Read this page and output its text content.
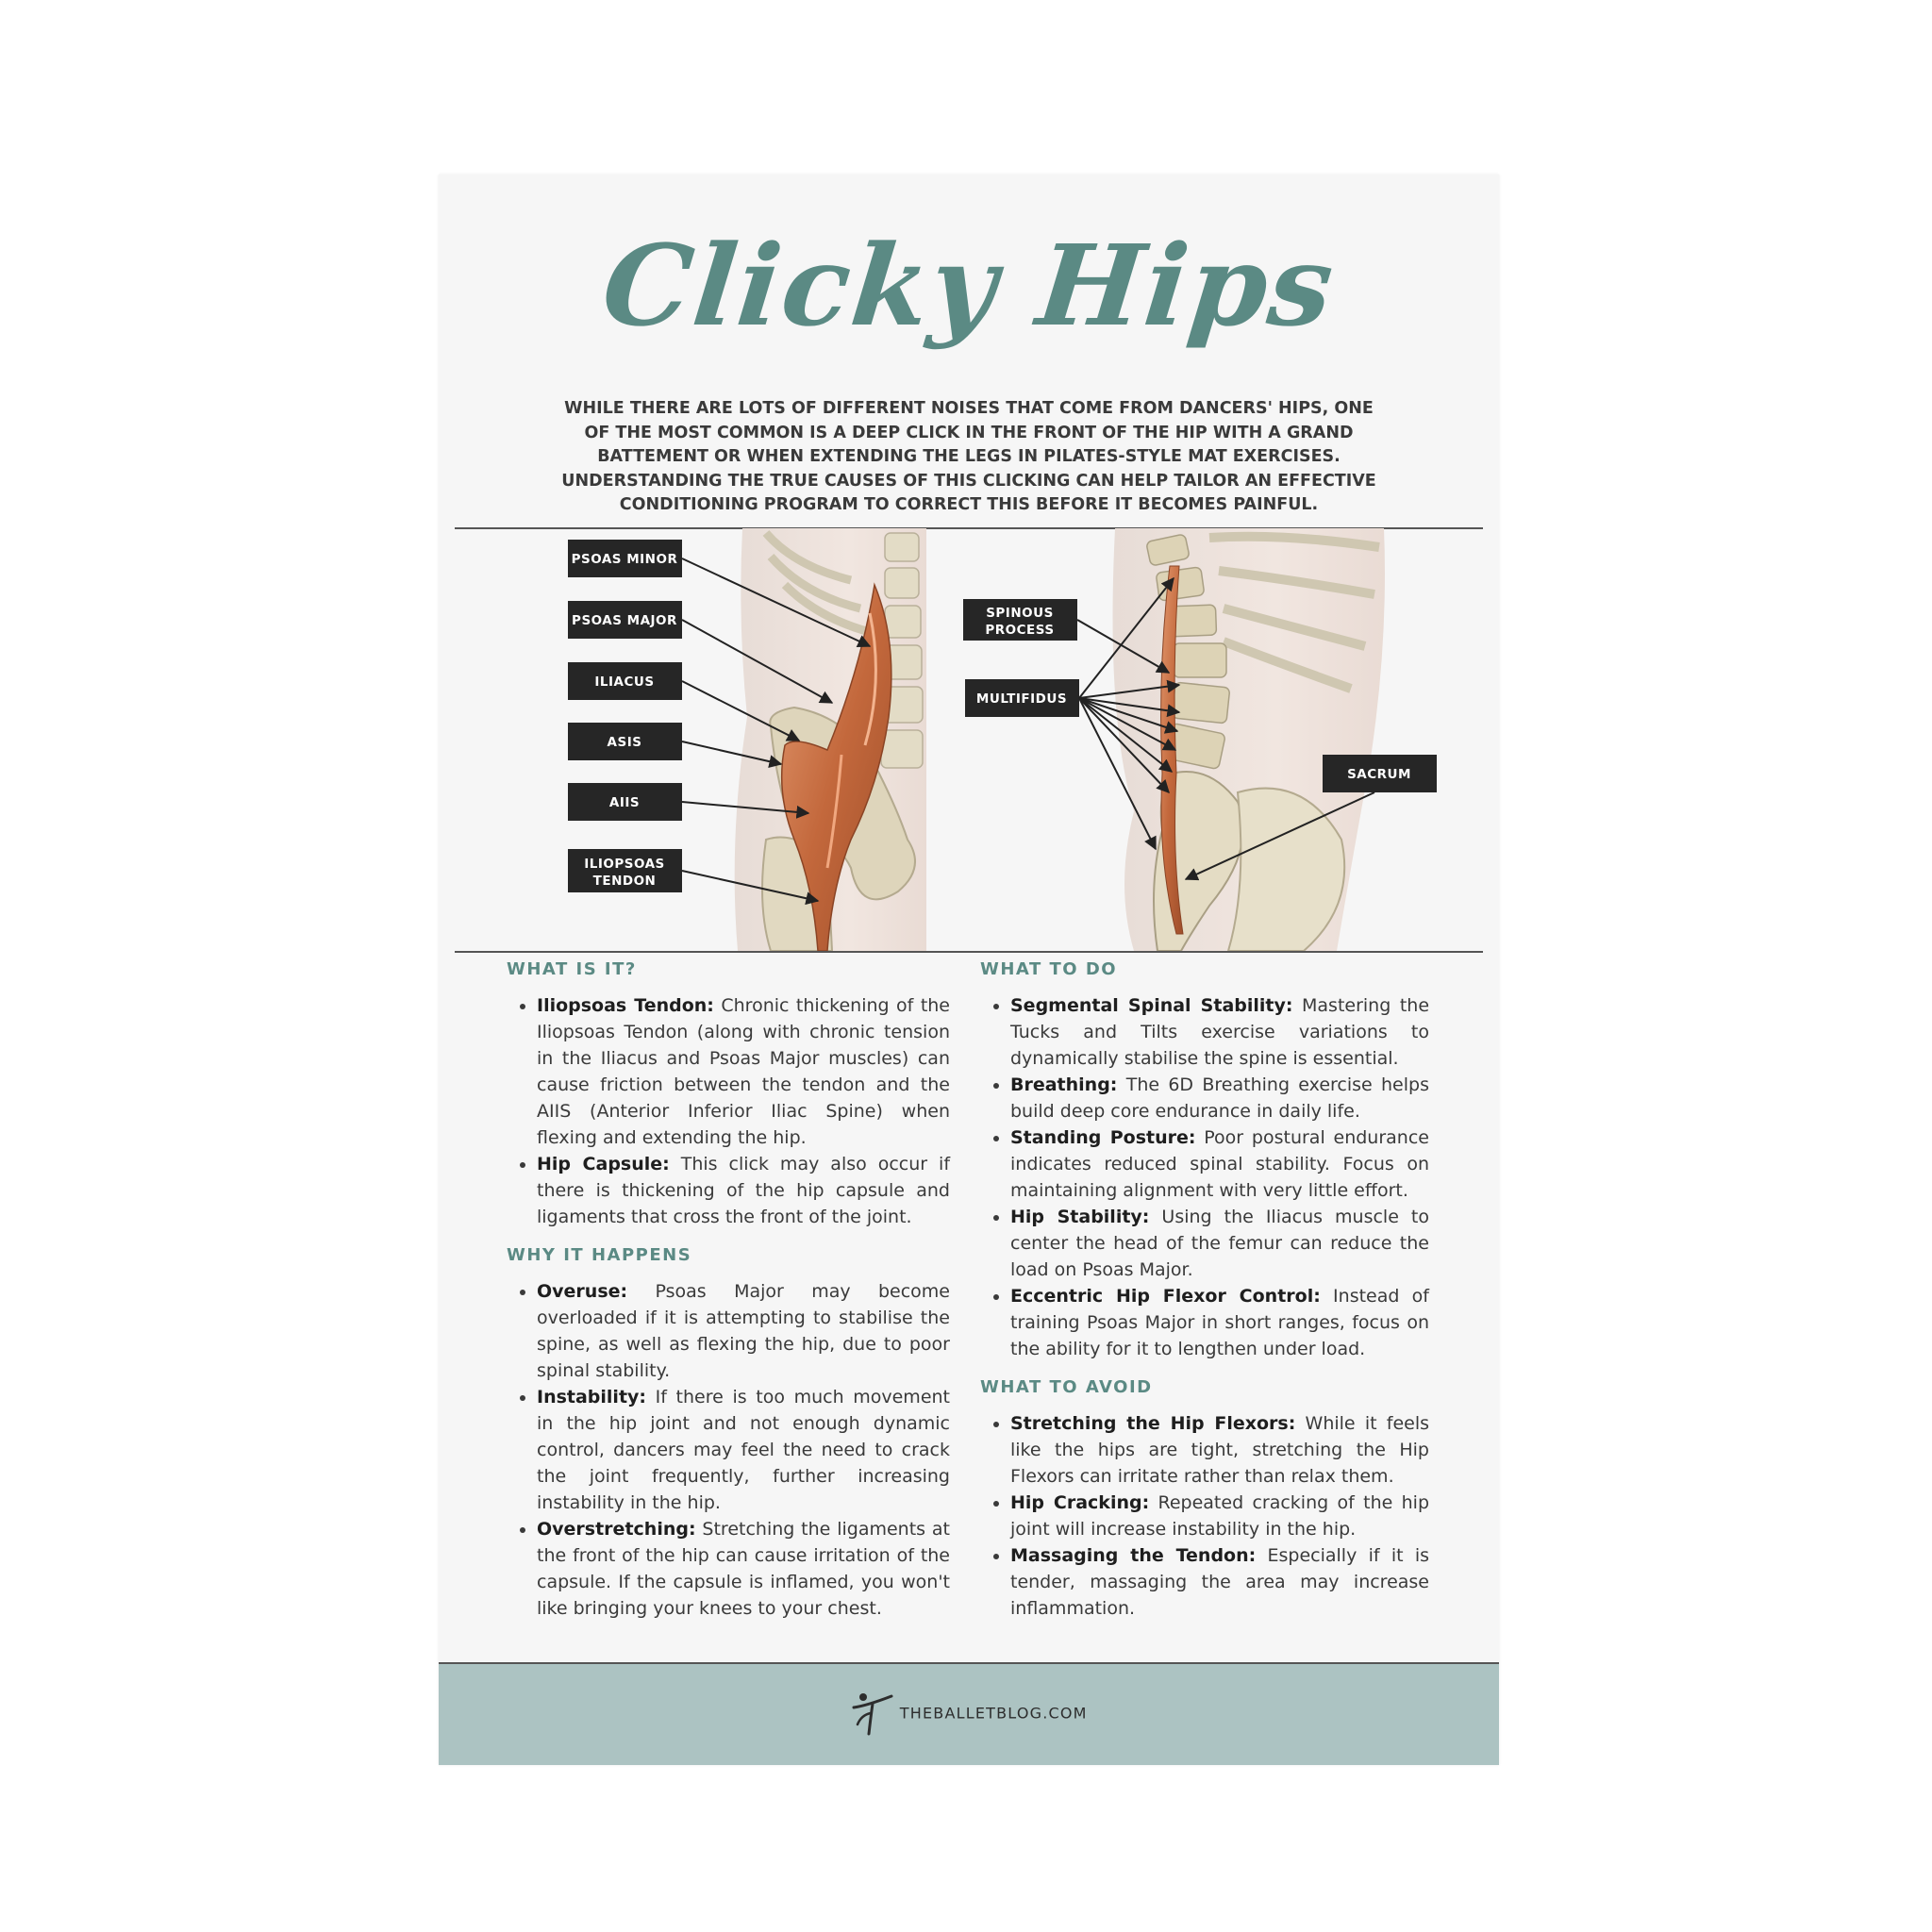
Clicky Hips
WHILE THERE ARE LOTS OF DIFFERENT NOISES THAT COME FROM DANCERS' HIPS, ONE OF THE MOST COMMON IS A DEEP CLICK IN THE FRONT OF THE HIP WITH A GRAND BATTEMENT OR WHEN EXTENDING THE LEGS IN PILATES-STYLE MAT EXERCISES. UNDERSTANDING THE TRUE CAUSES OF THIS CLICKING CAN HELP TAILOR AN EFFECTIVE CONDITIONING PROGRAM TO CORRECT THIS BEFORE IT BECOMES PAINFUL.
PSOAS MINOR
PSOAS MAJOR
ILIACUS
ASIS
AIIS
ILIOPSOAS
TENDON
SPINOUS
PROCESS
MULTIFIDUS
SACRUM
WHAT IS IT?
• Iliopsoas Tendon: Chronic thickening of the Iliopsoas Tendon (along with chronic tension in the Iliacus and Psoas Major muscles) can cause friction between the tendon and the AIIS (Anterior Inferior Iliac Spine) when flexing and extending the hip.
• Hip Capsule: This click may also occur if there is thickening of the hip capsule and ligaments that cross the front of the joint.
WHY IT HAPPENS
• Overuse: Psoas Major may become overloaded if it is attempting to stabilise the spine, as well as flexing the hip, due to poor spinal stability.
• Instability: If there is too much movement in the hip joint and not enough dynamic control, dancers may feel the need to crack the joint frequently, further increasing instability in the hip.
• Overstretching: Stretching the ligaments at the front of the hip can cause irritation of the capsule. If the capsule is inflamed, you won't like bringing your knees to your chest.
WHAT TO DO
• Segmental Spinal Stability: Mastering the Tucks and Tilts exercise variations to dynamically stabilise the spine is essential.
• Breathing: The 6D Breathing exercise helps build deep core endurance in daily life.
• Standing Posture: Poor postural endurance indicates reduced spinal stability. Focus on maintaining alignment with very little effort.
• Hip Stability: Using the Iliacus muscle to center the head of the femur can reduce the load on Psoas Major.
• Eccentric Hip Flexor Control: Instead of training Psoas Major in short ranges, focus on the ability for it to lengthen under load.
WHAT TO AVOID
• Stretching the Hip Flexors: While it feels like the hips are tight, stretching the Hip Flexors can irritate rather than relax them.
• Hip Cracking: Repeated cracking of the hip joint will increase instability in the hip.
• Massaging the Tendon: Especially if it is tender, massaging the area may increase inflammation.
THEBALLETBLOG.COM
